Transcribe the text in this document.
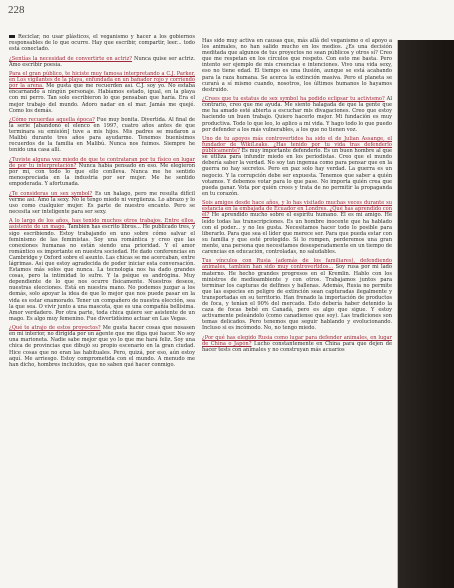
228

Reciclar, no usar plásticos, el veganismo y hacer a los gobiernos responsables de lo que ocurre. Hay que escribir, compartir, leer... todo está conectado.

¿Sentías la necesidad de convertirte en actriz? Nunca quise ser actriz. Amo escribir poesía.

Para el gran público, te hiciste muy famosa interpretando a C.J. Parker, en Los vigilantes de la playa, enfundada en un bañador rojo y corriendo por la arena. Me gusta que me recuerden así. C.J. soy yo. No estaba encarnando a ningún personaje. Habíamos estado, igual, en la playa con mi perro. Tan solo escribieron lo que pensaban que haría. Era el mejor trabajo del mundo. Adoro nadar en el mar. Jamás me quejé. Como los demás.

¿Cómo recuerdas aquella época? Fue muy bonita. Divertida. Al final de la serie [abandonó el elenco en 1997, cuatro años antes de que terminara su emisión] tuve a mis hijos. Mis padres se mudaron a Malibú durante tres años para ayudarme. Tenemos buenísimos recuerdos de la familia en Malibú. Nunca nos fuimos. Siempre he tenido una casa allí.

¿Tuviste alguna vez miedo de que te contrataran por tu físico en lugar de por tu interpretación? Nunca había pensado en eso. Me elegieron por mí, con todo lo que ello conlleva. Nunca me he sentido menospreciada en la industria por ser mujer. Me he sentido empoderada. Y afortunada.

¿Te consideras un sex symbol? Es un halago, pero me resulta difícil verme así. Amo la sexy. No le tengo miedo ni vergüenza. Lo abrazo y lo uso como cualquier mujer. Es parte de nuestro encanto. Pero se necesita ser inteligente para ser sexy.

A lo largo de los años, has tenido muchos otros trabajos. Entre ellos, asistente de un mago. También has escrito libros... He publicado tres, y sigo escribiendo. Estoy trabajando en uno sobre cómo salvar el feminismo de las feministas. Soy una romántica y creo que las conexiones humanas no están siendo una prioridad. Y el amor romántico es importante en nuestra sociedad. He dado conferencias en Cambridge y Oxford sobre el asunto. Las chicas se me acercaban, entre lágrimas. Así que estoy agradecida de poder iniciar esta conversación. Estamos más solos que nunca. La tecnología nos ha dado grandes cosas, pero la intimidad lo sufre. Y la psique es andrógina. Muy dependiente de lo que nos ocurre físicamente. Nuestros deseos, nuestras elecciones. Está en nuestra mano. No podemos juzgar a los demás, solo apoyar la idea de que lo mejor que nos puede pasar en la vida es estar enamorado. Tener un compañero de nuestra elección, sea la que sea. O vivir junto a una mascota, que es una compañía bellísima. Amor verdadero. Por otra parte, toda chica quiere ser asistente de un mago. Es algo muy femenino. Fue divertidísimo actuar en Las Vegas.

¿Qué te atrajo de estos proyectos? Me gusta hacer cosas que nosasen en mi interior, no dirigida por un agente que me diga qué hacer. No soy una marioneta. Nadie sabe mejor que yo lo que me hará feliz. Soy una chica de provincias que dibujó su propio escenario en la gran ciudad. Hice cosas que no eran las habituales. Pero, quizá, por eso, aún estoy aquí. Me arriesgo. Estoy comprometida con el mundo. A menudo me han dicho, hombres incluidos, que no saben qué hacer conmigo.

Has sido muy activa en causas que, más allá del veganismo o el apoyo a los animales, no han salido mucho en los medios. ¿Es una decisión meditada que algunos de tus proyectos no sean públicos y otros sí? Creo que me respetan en los círculos que respeto. Con esto me basta. Pero intento ser ejemplo de mis creencias e intenciones. Vivo una vida sexy, eso no tiene edad. El tiempo es una ilusión, aunque se está acabando para la raza humana. Se acerca la extinción masiva. Pero el planeta se curará a sí mismo cuando, nosotros, los últimos humanos lo hayamos destruido.

¿Crees que tu estatus de sex symbol ha podido eclipsar tu activismo? Al contrario, creo que me ayuda. Me siento halagada de que la gente que me ha amado esté abierta a escuchar mis divagaciones. Creo que estoy haciendo un buen trabajo. Quiero hacerlo mejor. Mi fundación es muy productiva. Todo lo que leo, lo aplico a mi vida. Y hago todo lo que puedo por defender a los más vulnerables, a los que no tienen voz.

Uno de tu apoyos más controvertidos ha sido el de Julian Assange, el fundador de WikiLeaks. ¿Has tenido por tu vida tras defenderlo públicamente? Es muy importante defenderlo. Es un buen hombre al que se utiliza para infundir miedo en los periodistas. Creo que el mundo debería saber la verdad. No soy tan ingenua como para pensar que en la guerra no hay secretos. Pero en paz solo hay verdad. La guerra es un negocio. Y la corrupción debe ser expuesta. Tenemos que saber a quién votamos. Y debemos votar para lo que pase. No importa quién crea que pueda ganar. Vota por quién crees y trata de no permitir la propaganda en tu corazón.

Sois amigos desde hace años, y lo has visitado muchas veces durante su estancia en la embajada de Ecuador en Londres. ¿Qué has aprendido con él? He aprendido mucho sobre el espíritu humano. Él es mi amigo. He leído todas las transcripciones. Es un hombre inocente que ha hablado con el poder... y no les gusta. Necesitamos hacer todo lo posible para liberarlo. Para que sea el líder que merece ser. Para que pueda estar con su familia y que esté protegido. Si lo rompen, perderemos una gran mente, una persona que necesitamos desesperadamente en un tiempo de carencias en educación, controladas, no saludables.

Tus vínculos con Rusia (además de los familiares), defendiendo animales, también han sido muy controvertidos... Soy rusa por mi lado materno. He hecho grandes progresos en el Kremlin. Hablo con los ministros de medioambiente y con otros. Trabajamos juntos para terminar los capturas de delfines y ballenas. Además, Rusia no permite que las especies en peligro de extinción sean capturadas ilegalmente y transportadas en su territorio. Han frenado la importación de productos de foca, y tenían el 90% del mercado. Esto debería haber detenido la caza de focas bebé en Canadá, pero es algo que sigue. Y estoy activamente peleándolo (como canadiense que soy). Las tradiciones son temas delicados. Pero tenemos que seguir hablando y evolucionando. Incluso si es incómodo. No, no tengo miedo.

¿Por qué has elegido Rusia como lugar para defender animales, en lugar de China o Japón? Lucho constantemente en China para que dejen de hacer tests con animales y no construyan más acuarios
